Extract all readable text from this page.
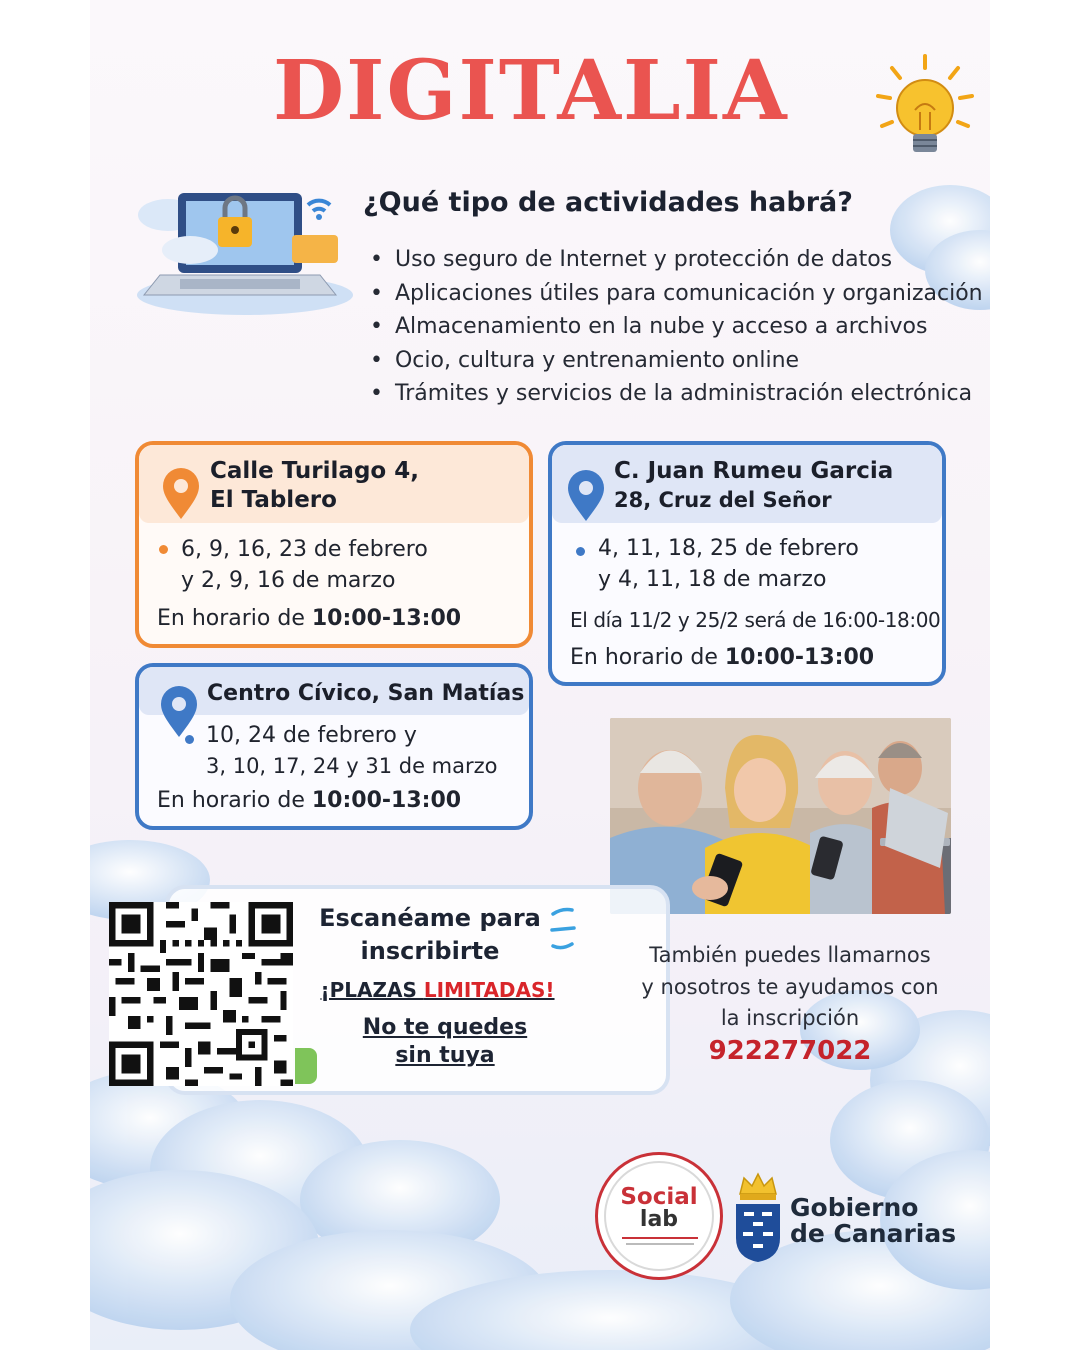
DIGITALIA
¿Qué tipo de actividades habrá?
• Uso seguro de Internet y protección de datos
• Aplicaciones útiles para comunicación y organización
• Almacenamiento en la nube y acceso a archivos
• Ocio, cultura y entrenamiento online
• Trámites y servicios de la administración electrónica
Calle Turilago 4,
El Tablero
6, 9, 16, 23 de febrero
y 2, 9, 16 de marzo
En horario de 10:00-13:00
C. Juan Rumeu Garcia
28, Cruz del Señor
4, 11, 18, 25 de febrero
y 4, 11, 18 de marzo
El día 11/2 y 25/2 será de 16:00-18:00
En horario de 10:00-13:00
Centro Cívico, San Matías
10, 24 de febrero y
3, 10, 17, 24 y 31 de marzo
En horario de 10:00-13:00
Escanéame para
inscribirte
¡PLAZAS LIMITADAS!
No te quedes
sin tuya
También puedes llamarnos
y nosotros te ayudamos con
la inscripción
922277022
Social
lab	Gobierno
de Canarias
